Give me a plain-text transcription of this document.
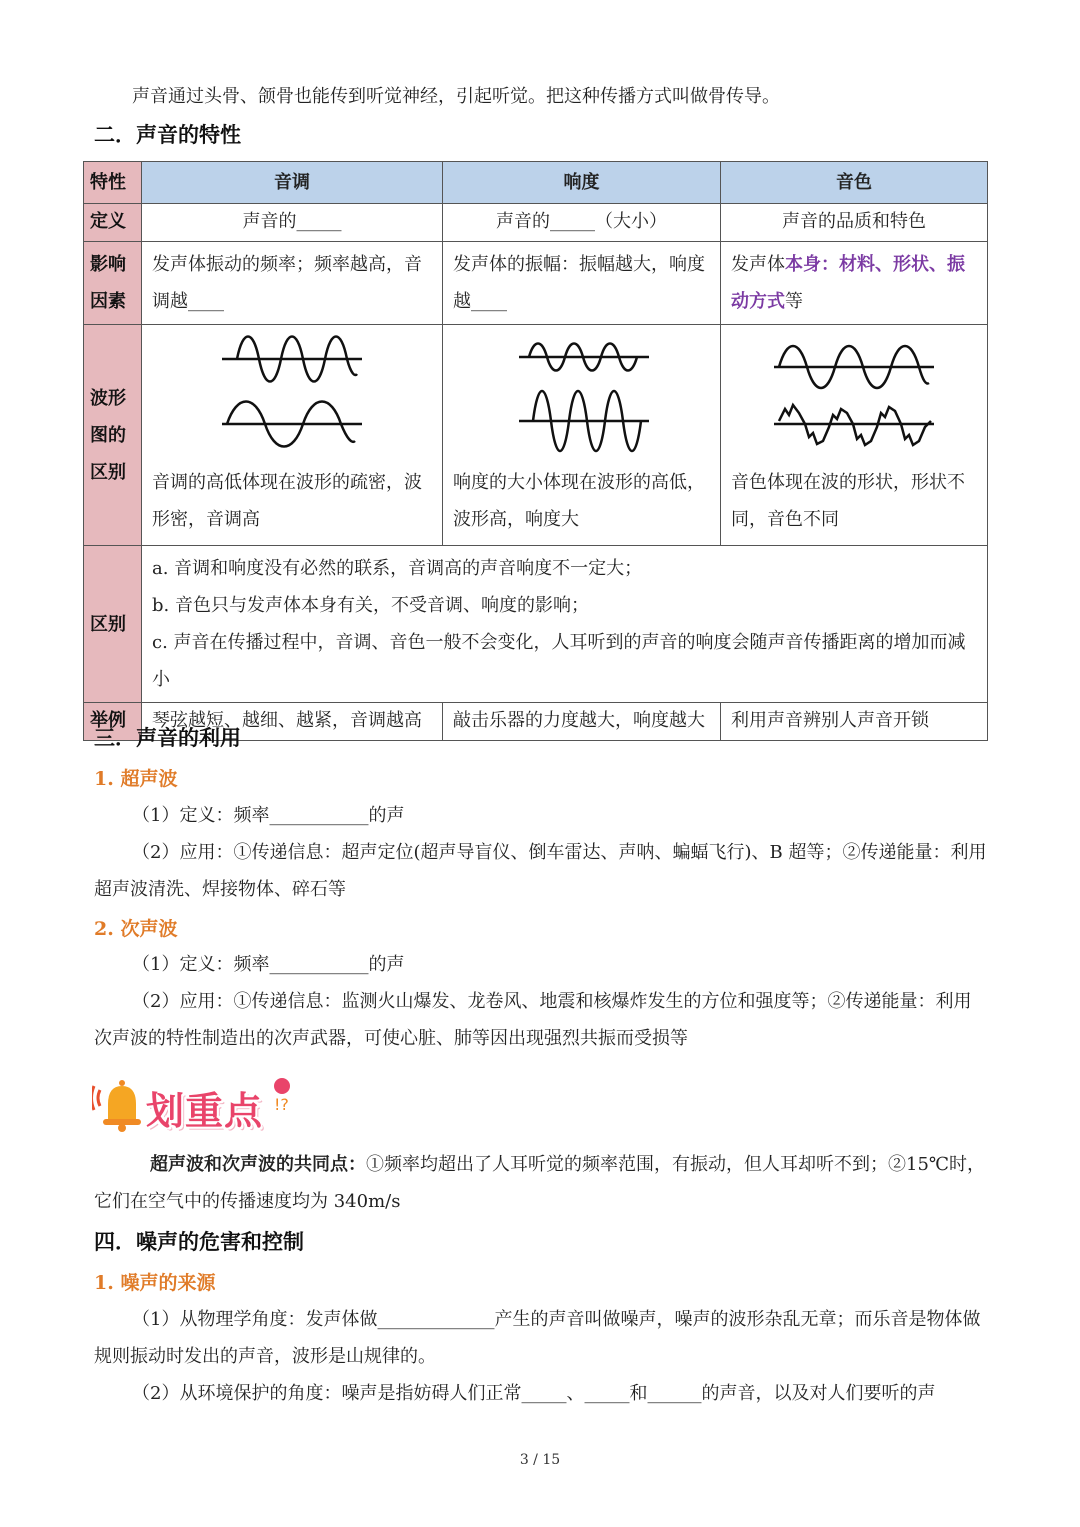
声音通过头骨、颌骨也能传到听觉神经，引起听觉。把这种传播方式叫做骨传导。
二．声音的特性
特性	音调	响度	音色
定义	声音的_____	声音的_____（大小）	声音的品质和特色
影响因素	发声体振动的频率；频率越高，音调越____	发声体的振幅：振幅越大，响度越____	发声体本身：材料、形状、振动方式等
波形图的区别	音调的高低体现在波形的疏密，波形密，音调高	响度的大小体现在波形的高低，波形高，响度大	音色体现在波的形状，形状不同，音色不同

区别	a. 音调和响度没有必然的联系，音调高的声音响度不一定大；
b. 音色只与发声体本身有关，不受音调、响度的影响；
c. 声音在传播过程中，音调、音色一般不会变化，人耳听到的声音的响度会随声音传播距离的增加而减小		

举例	琴弦越短、越细、越紧，音调越高	敲击乐器的力度越大，响度越大	利用声音辨别人声音开锁
三．声音的利用
1. 超声波
（1）定义：频率___________的声
（2）应用：①传递信息：超声定位(超声导盲仪、倒车雷达、声呐、蝙蝠飞行)、B 超等；②传递能量：利用超声波清洗、焊接物体、碎石等
2. 次声波
（1）定义：频率___________的声
（2）应用：①传递信息：监测火山爆发、龙卷风、地震和核爆炸发生的方位和强度等；②传递能量：利用次声波的特性制造出的次声武器，可使心脏、肺等因出现强烈共振而受损等
划重点 !?
超声波和次声波的共同点：①频率均超出了人耳听觉的频率范围，有振动，但人耳却听不到；②15℃时，它们在空气中的传播速度均为 340m/s
四．噪声的危害和控制
1. 噪声的来源
（1）从物理学角度：发声体做_____________产生的声音叫做噪声，噪声的波形杂乱无章；而乐音是物体做规则振动时发出的声音，波形是山规律的。
（2）从环境保护的角度：噪声是指妨碍人们正常_____、_____和______的声音，以及对人们要听的声
3 / 15
